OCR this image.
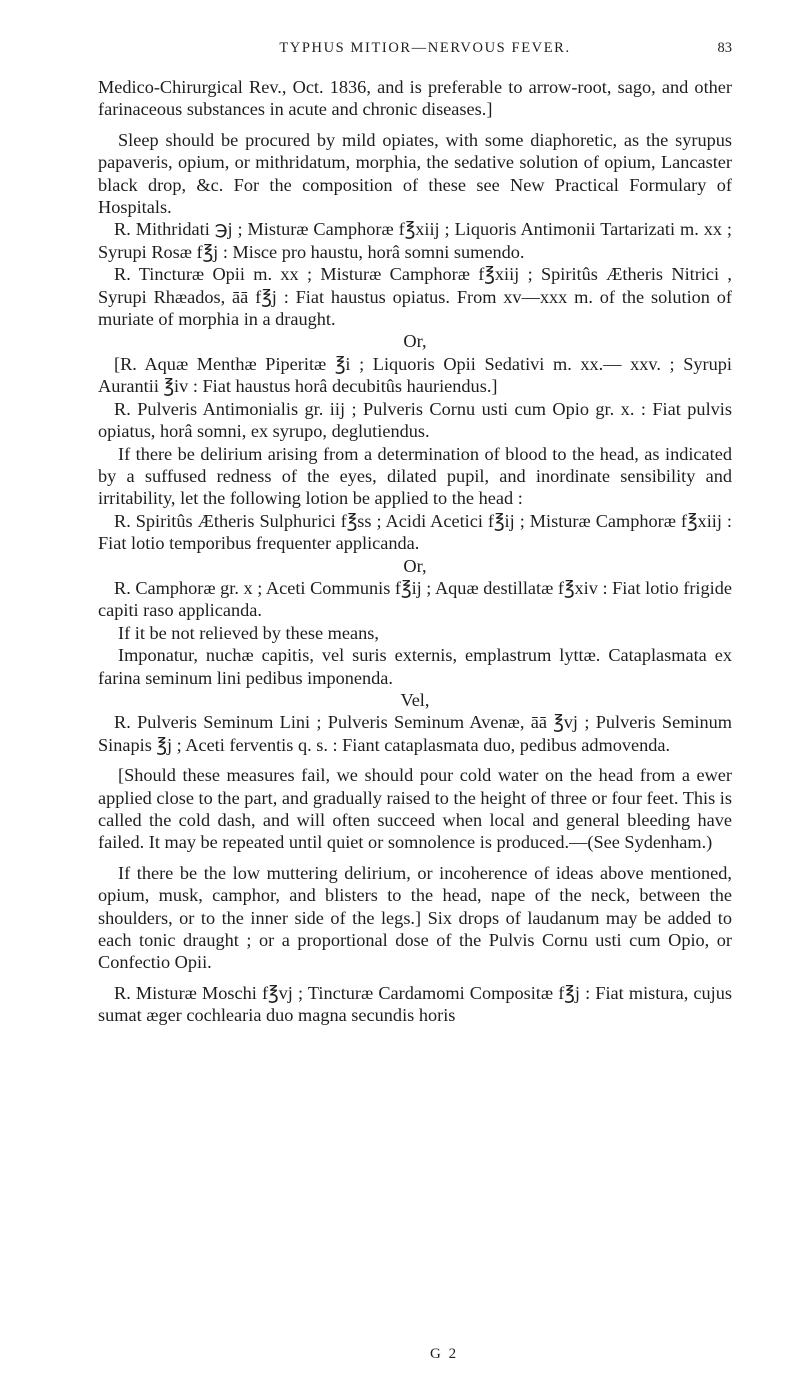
TYPHUS MITIOR—NERVOUS FEVER.	83

Medico-Chirurgical Rev., Oct. 1836, and is preferable to arrow-root, sago, and other farinaceous substances in acute and chronic diseases.]

Sleep should be procured by mild opiates, with some diaphoretic, as the syrupus papaveris, opium, or mithridatum, morphia, the sedative solution of opium, Lancaster black drop, &c. For the composition of these see New Practical Formulary of Hospitals.

R. Mithridati ℈j ; Misturæ Camphoræ f℥xiij ; Liquoris Antimonii Tartarizati m. xx ; Syrupi Rosæ f℥j : Misce pro haustu, horâ somni sumendo.

R. Tincturæ Opii m. xx ; Misturæ Camphoræ f℥xiij ; Spiritûs Ætheris Nitrici , Syrupi Rhæados, āā f℥j : Fiat haustus opiatus. From xv—xxx m. of the solution of muriate of morphia in a draught.

Or,

[R. Aquæ Menthæ Piperitæ ℥i ; Liquoris Opii Sedativi m. xx.— xxv. ; Syrupi Aurantii ℥iv : Fiat haustus horâ decubitûs hauriendus.]

R. Pulveris Antimonialis gr. iij ; Pulveris Cornu usti cum Opio gr. x. : Fiat pulvis opiatus, horâ somni, ex syrupo, deglutiendus.

If there be delirium arising from a determination of blood to the head, as indicated by a suffused redness of the eyes, dilated pupil, and inordinate sensibility and irritability, let the following lotion be applied to the head :

R. Spiritûs Ætheris Sulphurici f℥ss ; Acidi Acetici f℥ij ; Misturæ Camphoræ f℥xiij : Fiat lotio temporibus frequenter applicanda.

Or,

R. Camphoræ gr. x ; Aceti Communis f℥ij ; Aquæ destillatæ f℥xiv : Fiat lotio frigide capiti raso applicanda.

If it be not relieved by these means,

Imponatur, nuchæ capitis, vel suris externis, emplastrum lyttæ. Cataplasmata ex farina seminum lini pedibus imponenda.

Vel,

R. Pulveris Seminum Lini ; Pulveris Seminum Avenæ, āā ℥vj ; Pulveris Seminum Sinapis ℥j ; Aceti ferventis q. s. : Fiant cataplasmata duo, pedibus admovenda.

[Should these measures fail, we should pour cold water on the head from a ewer applied close to the part, and gradually raised to the height of three or four feet. This is called the cold dash, and will often succeed when local and general bleeding have failed. It may be repeated until quiet or somnolence is produced.—(See Sydenham.)

If there be the low muttering delirium, or incoherence of ideas above mentioned, opium, musk, camphor, and blisters to the head, nape of the neck, between the shoulders, or to the inner side of the legs.] Six drops of laudanum may be added to each tonic draught ; or a proportional dose of the Pulvis Cornu usti cum Opio, or Confectio Opii.

R. Misturæ Moschi f℥vj ; Tincturæ Cardamomi Compositæ f℥j : Fiat mistura, cujus sumat æger cochlearia duo magna secundis horis

G 2
